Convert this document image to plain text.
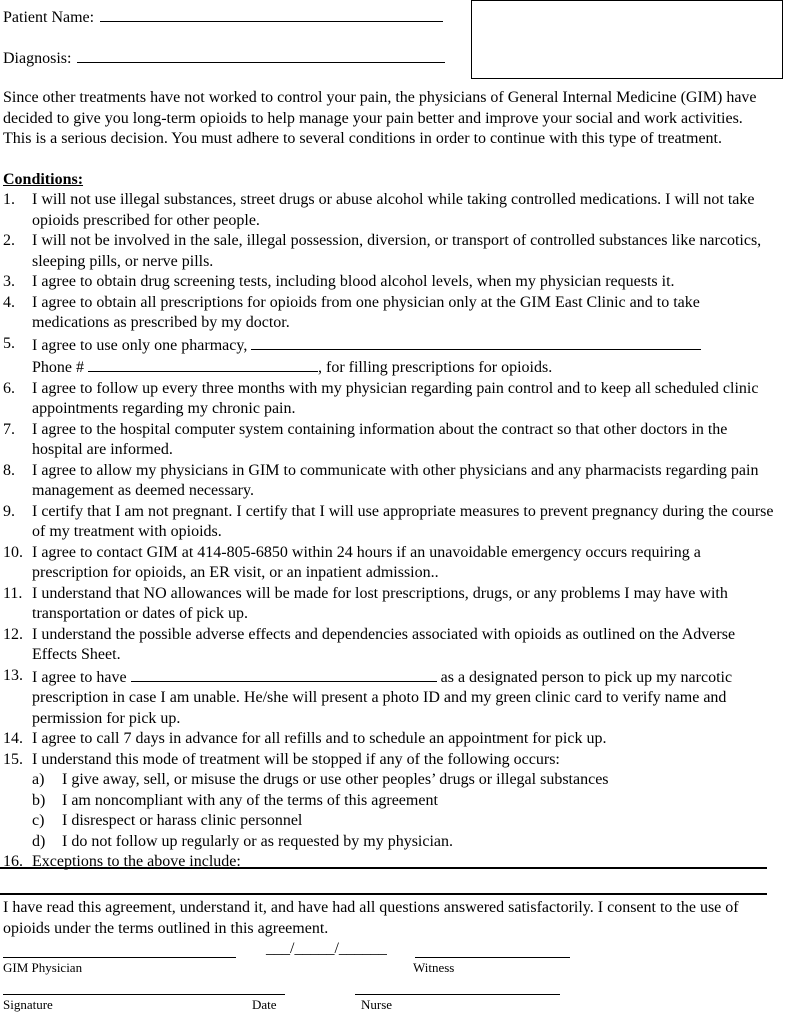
Patient Name:
Diagnosis:
Since other treatments have not worked to control your pain, the physicians of General Internal Medicine (GIM) have decided to give you long-term opioids to help manage your pain better and improve your social and work activities. This is a serious decision. You must adhere to several conditions in order to continue with this type of treatment.
Conditions:
1. I will not use illegal substances, street drugs or abuse alcohol while taking controlled medications. I will not take opioids prescribed for other people.
2. I will not be involved in the sale, illegal possession, diversion, or transport of controlled substances like narcotics, sleeping pills, or nerve pills.
3. I agree to obtain drug screening tests, including blood alcohol levels, when my physician requests it.
4. I agree to obtain all prescriptions for opioids from one physician only at the GIM East Clinic and to take medications as prescribed by my doctor.
5. I agree to use only one pharmacy,
Phone #	, for filling prescriptions for opioids.
6. I agree to follow up every three months with my physician regarding pain control and to keep all scheduled clinic appointments regarding my chronic pain.
7. I agree to the hospital computer system containing information about the contract so that other doctors in the hospital are informed.
8. I agree to allow my physicians in GIM to communicate with other physicians and any pharmacists regarding pain management as deemed necessary.
9. I certify that I am not pregnant. I certify that I will use appropriate measures to prevent pregnancy during the course of my treatment with opioids.
10. I agree to contact GIM at 414-805-6850 within 24 hours if an unavoidable emergency occurs requiring a prescription for opioids, an ER visit, or an inpatient admission..
11. I understand that NO allowances will be made for lost prescriptions, drugs, or any problems I may have with transportation or dates of pick up.
12. I understand the possible adverse effects and dependencies associated with opioids as outlined on the Adverse Effects Sheet.
13. I agree to have	as a designated person to pick up my narcotic prescription in case I am unable. He/she will present a photo ID and my green clinic card to verify name and permission for pick up.
14. I agree to call 7 days in advance for all refills and to schedule an appointment for pick up.
15. I understand this mode of treatment will be stopped if any of the following occurs:
a) I give away, sell, or misuse the drugs or use other peoples’ drugs or illegal substances
b) I am noncompliant with any of the terms of this agreement
c) I disrespect or harass clinic personnel
d) I do not follow up regularly or as requested by my physician.
16. Exceptions to the above include:
I have read this agreement, understand it, and have had all questions answered satisfactorily. I consent to the use of opioids under the terms outlined in this agreement.
___/_____/______
GIM Physician	Witness
Signature	Date	Nurse
